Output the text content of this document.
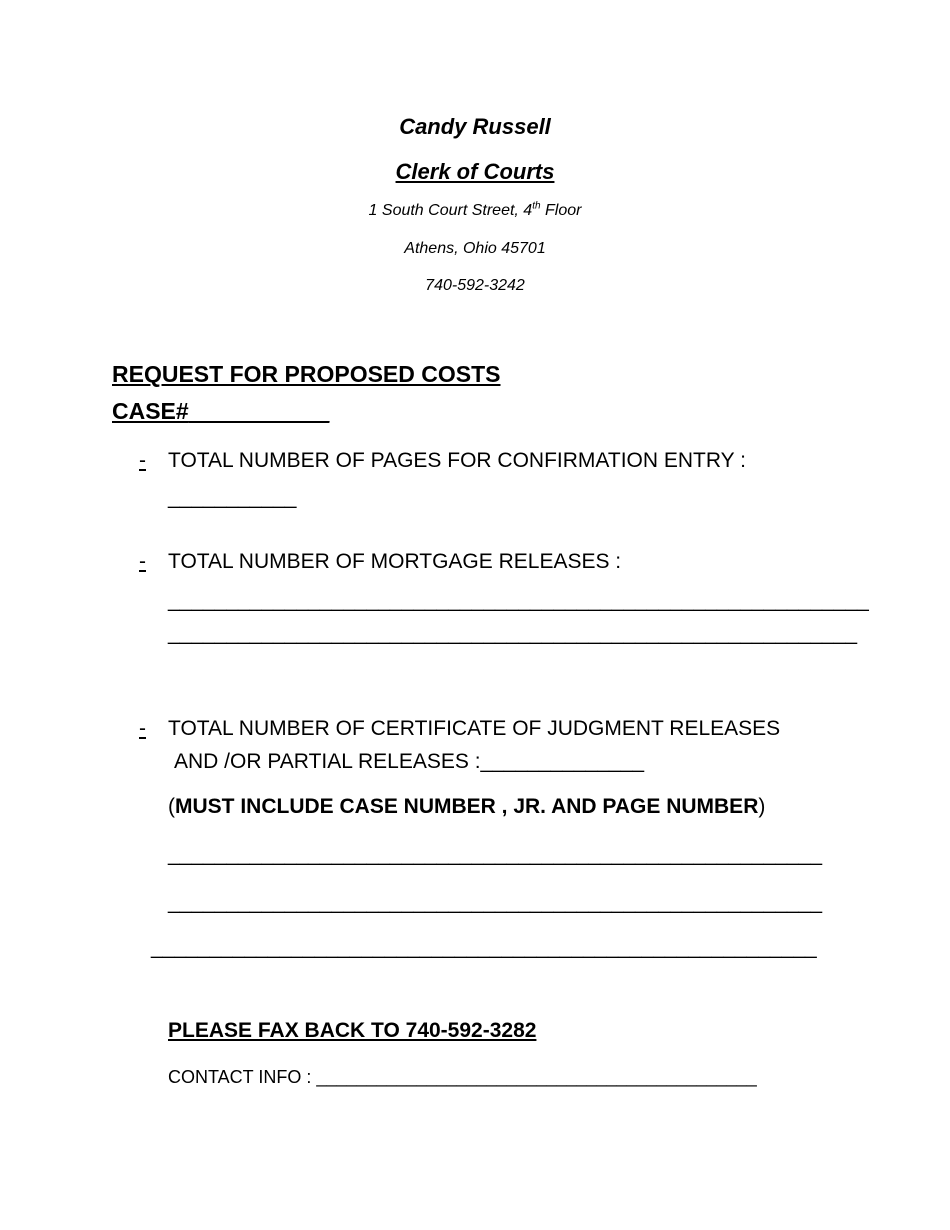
Candy Russell
Clerk of Courts
1 South Court Street, 4th Floor
Athens, Ohio 45701
740-592-3242
REQUEST FOR PROPOSED COSTS
CASE#___________
- TOTAL NUMBER OF PAGES FOR CONFIRMATION ENTRY :
___________
- TOTAL NUMBER OF MORTGAGE RELEASES :
____________________________________________________________
___________________________________________________________
- TOTAL NUMBER OF CERTIFICATE OF JUDGMENT RELEASES
AND /OR PARTIAL RELEASES :______________
(MUST INCLUDE CASE NUMBER , JR. AND PAGE NUMBER)
________________________________________________________
________________________________________________________
_________________________________________________________
PLEASE FAX BACK TO 740-592-3282
CONTACT INFO : ____________________________________________
